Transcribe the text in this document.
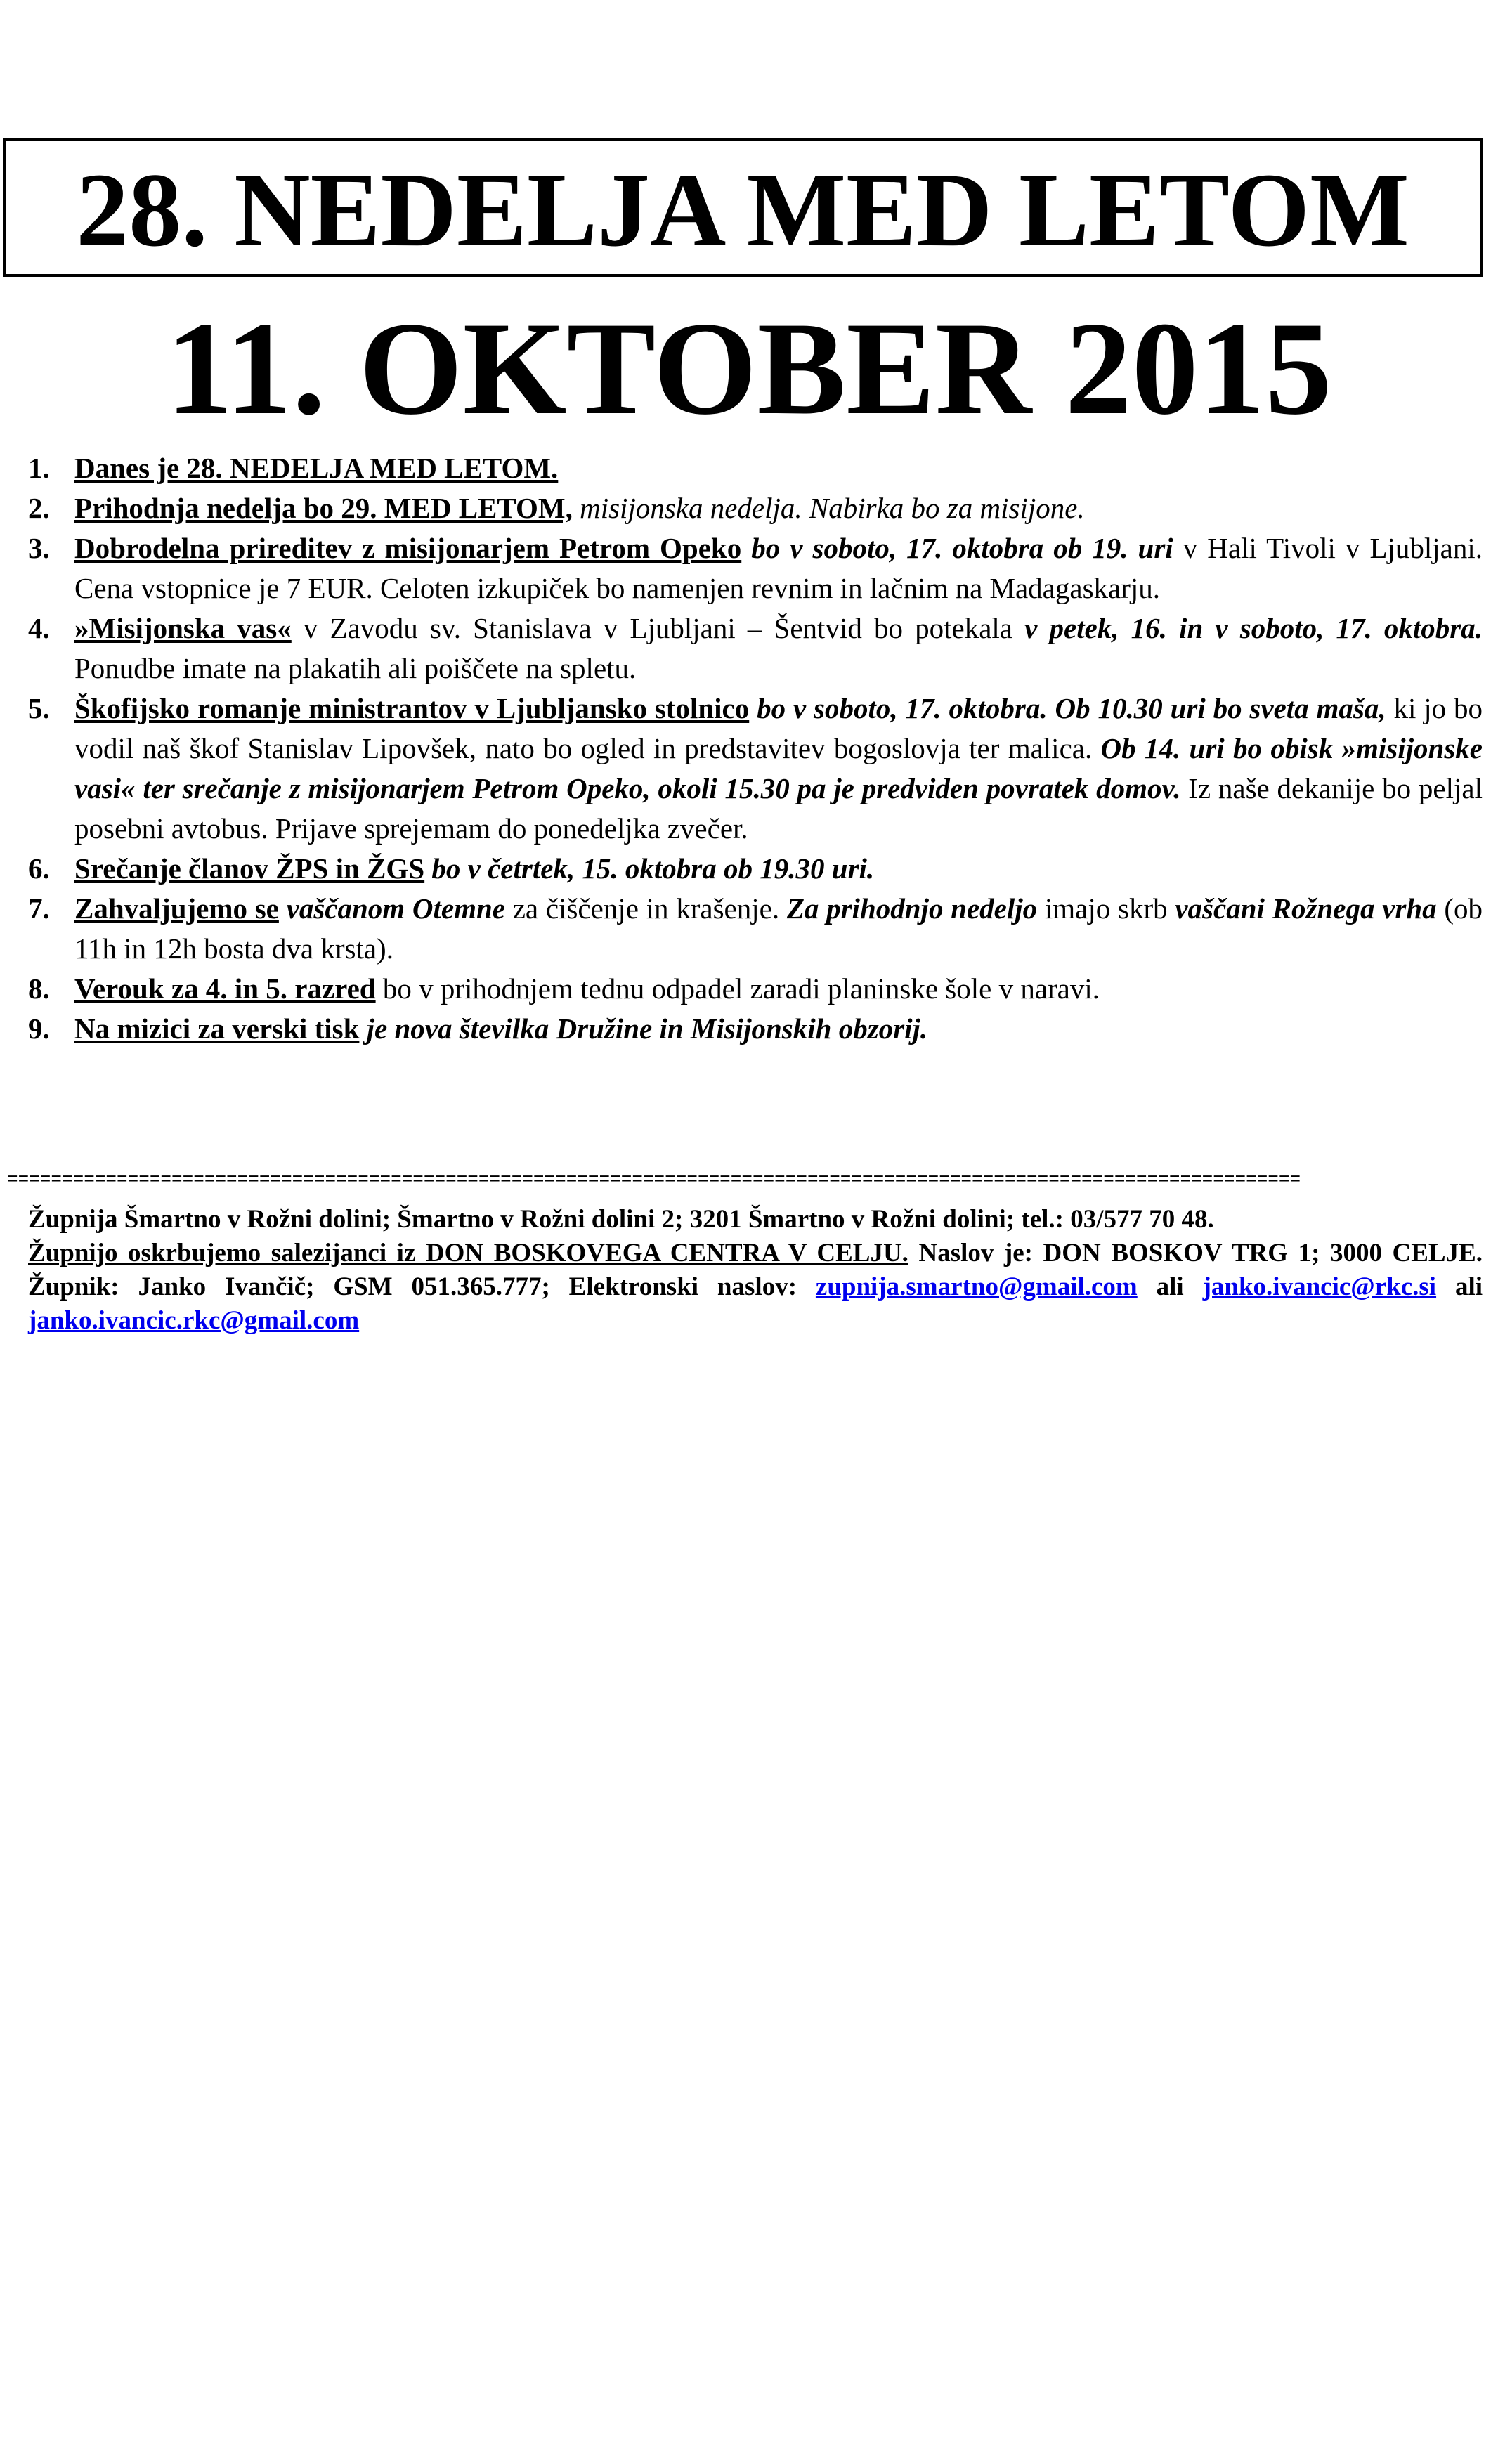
28. NEDELJA MED LETOM
11. OKTOBER 2015
1. Danes je 28. NEDELJA MED LETOM.
2. Prihodnja nedelja bo 29. MED LETOM, misijonska nedelja. Nabirka bo za misijone.
3. Dobrodelna prireditev z misijonarjem Petrom Opeko bo v soboto, 17. oktobra ob 19. uri v Hali Tivoli v Ljubljani. Cena vstopnice je 7 EUR. Celoten izkupiček bo namenjen revnim in lačnim na Madagaskarju.
4. »Misijonska vas« v Zavodu sv. Stanislava v Ljubljani – Šentvid bo potekala v petek, 16. in v soboto, 17. oktobra. Ponudbe imate na plakatih ali poiščete na spletu.
5. Škofijsko romanje ministrantov v Ljubljansko stolnico bo v soboto, 17. oktobra. Ob 10.30 uri bo sveta maša, ki jo bo vodil naš škof Stanislav Lipovšek, nato bo ogled in predstavitev bogoslovja ter malica. Ob 14. uri bo obisk »misijonske vasi« ter srečanje z misijonarjem Petrom Opeko, okoli 15.30 pa je predviden povratek domov. Iz naše dekanije bo peljal posebni avtobus. Prijave sprejemam do ponedeljka zvečer.
6. Srečanje članov ŽPS in ŽGS bo v četrtek, 15. oktobra ob 19.30 uri.
7. Zahvaljujemo se vaščanom Otemne za čiščenje in krašenje. Za prihodnjo nedeljo imajo skrb vaščani Rožnega vrha (ob 11h in 12h bosta dva krsta).
8. Verouk za 4. in 5. razred bo v prihodnjem tednu odpadel zaradi planinske šole v naravi.
9. Na mizici za verski tisk je nova številka Družine in Misijonskih obzorij.
======================================================================================================================
Župnija Šmartno v Rožni dolini; Šmartno v Rožni dolini 2; 3201 Šmartno v Rožni dolini; tel.: 03/577 70 48.
Župnijo oskrbujemo salezijanci iz DON BOSKOVEGA CENTRA V CELJU. Naslov je: DON BOSKOV TRG 1; 3000 CELJE. Župnik: Janko Ivančič; GSM 051.365.777; Elektronski naslov: zupnija.smartno@gmail.com ali janko.ivancic@rkc.si ali janko.ivancic.rkc@gmail.com
